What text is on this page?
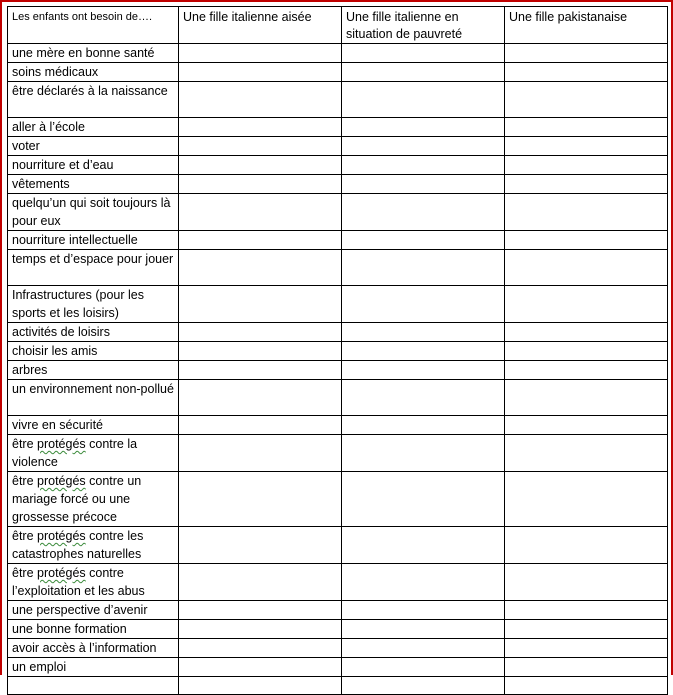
Les enfants ont besoin de….	Une fille italienne aisée	Une fille italienne en situation de pauvreté	Une fille pakistanaise
une mère en bonne santé			
soins médicaux			
être déclarés à la naissance			
aller à l’école			
voter			
nourriture et d’eau			
vêtements			
quelqu’un qui soit toujours là pour eux			
nourriture intellectuelle			
temps et d’espace pour jouer			
Infrastructures (pour les sports et les loisirs)			
activités de loisirs			
choisir les amis			
arbres			
un environnement non-pollué			
vivre en sécurité			
être protégés contre la violence			
être protégés contre un mariage forcé ou une grossesse précoce			
être protégés contre les catastrophes naturelles			
être protégés contre l’exploitation et les abus			
une perspective d’avenir			
une bonne formation			
avoir accès à l’information			
un emploi			
